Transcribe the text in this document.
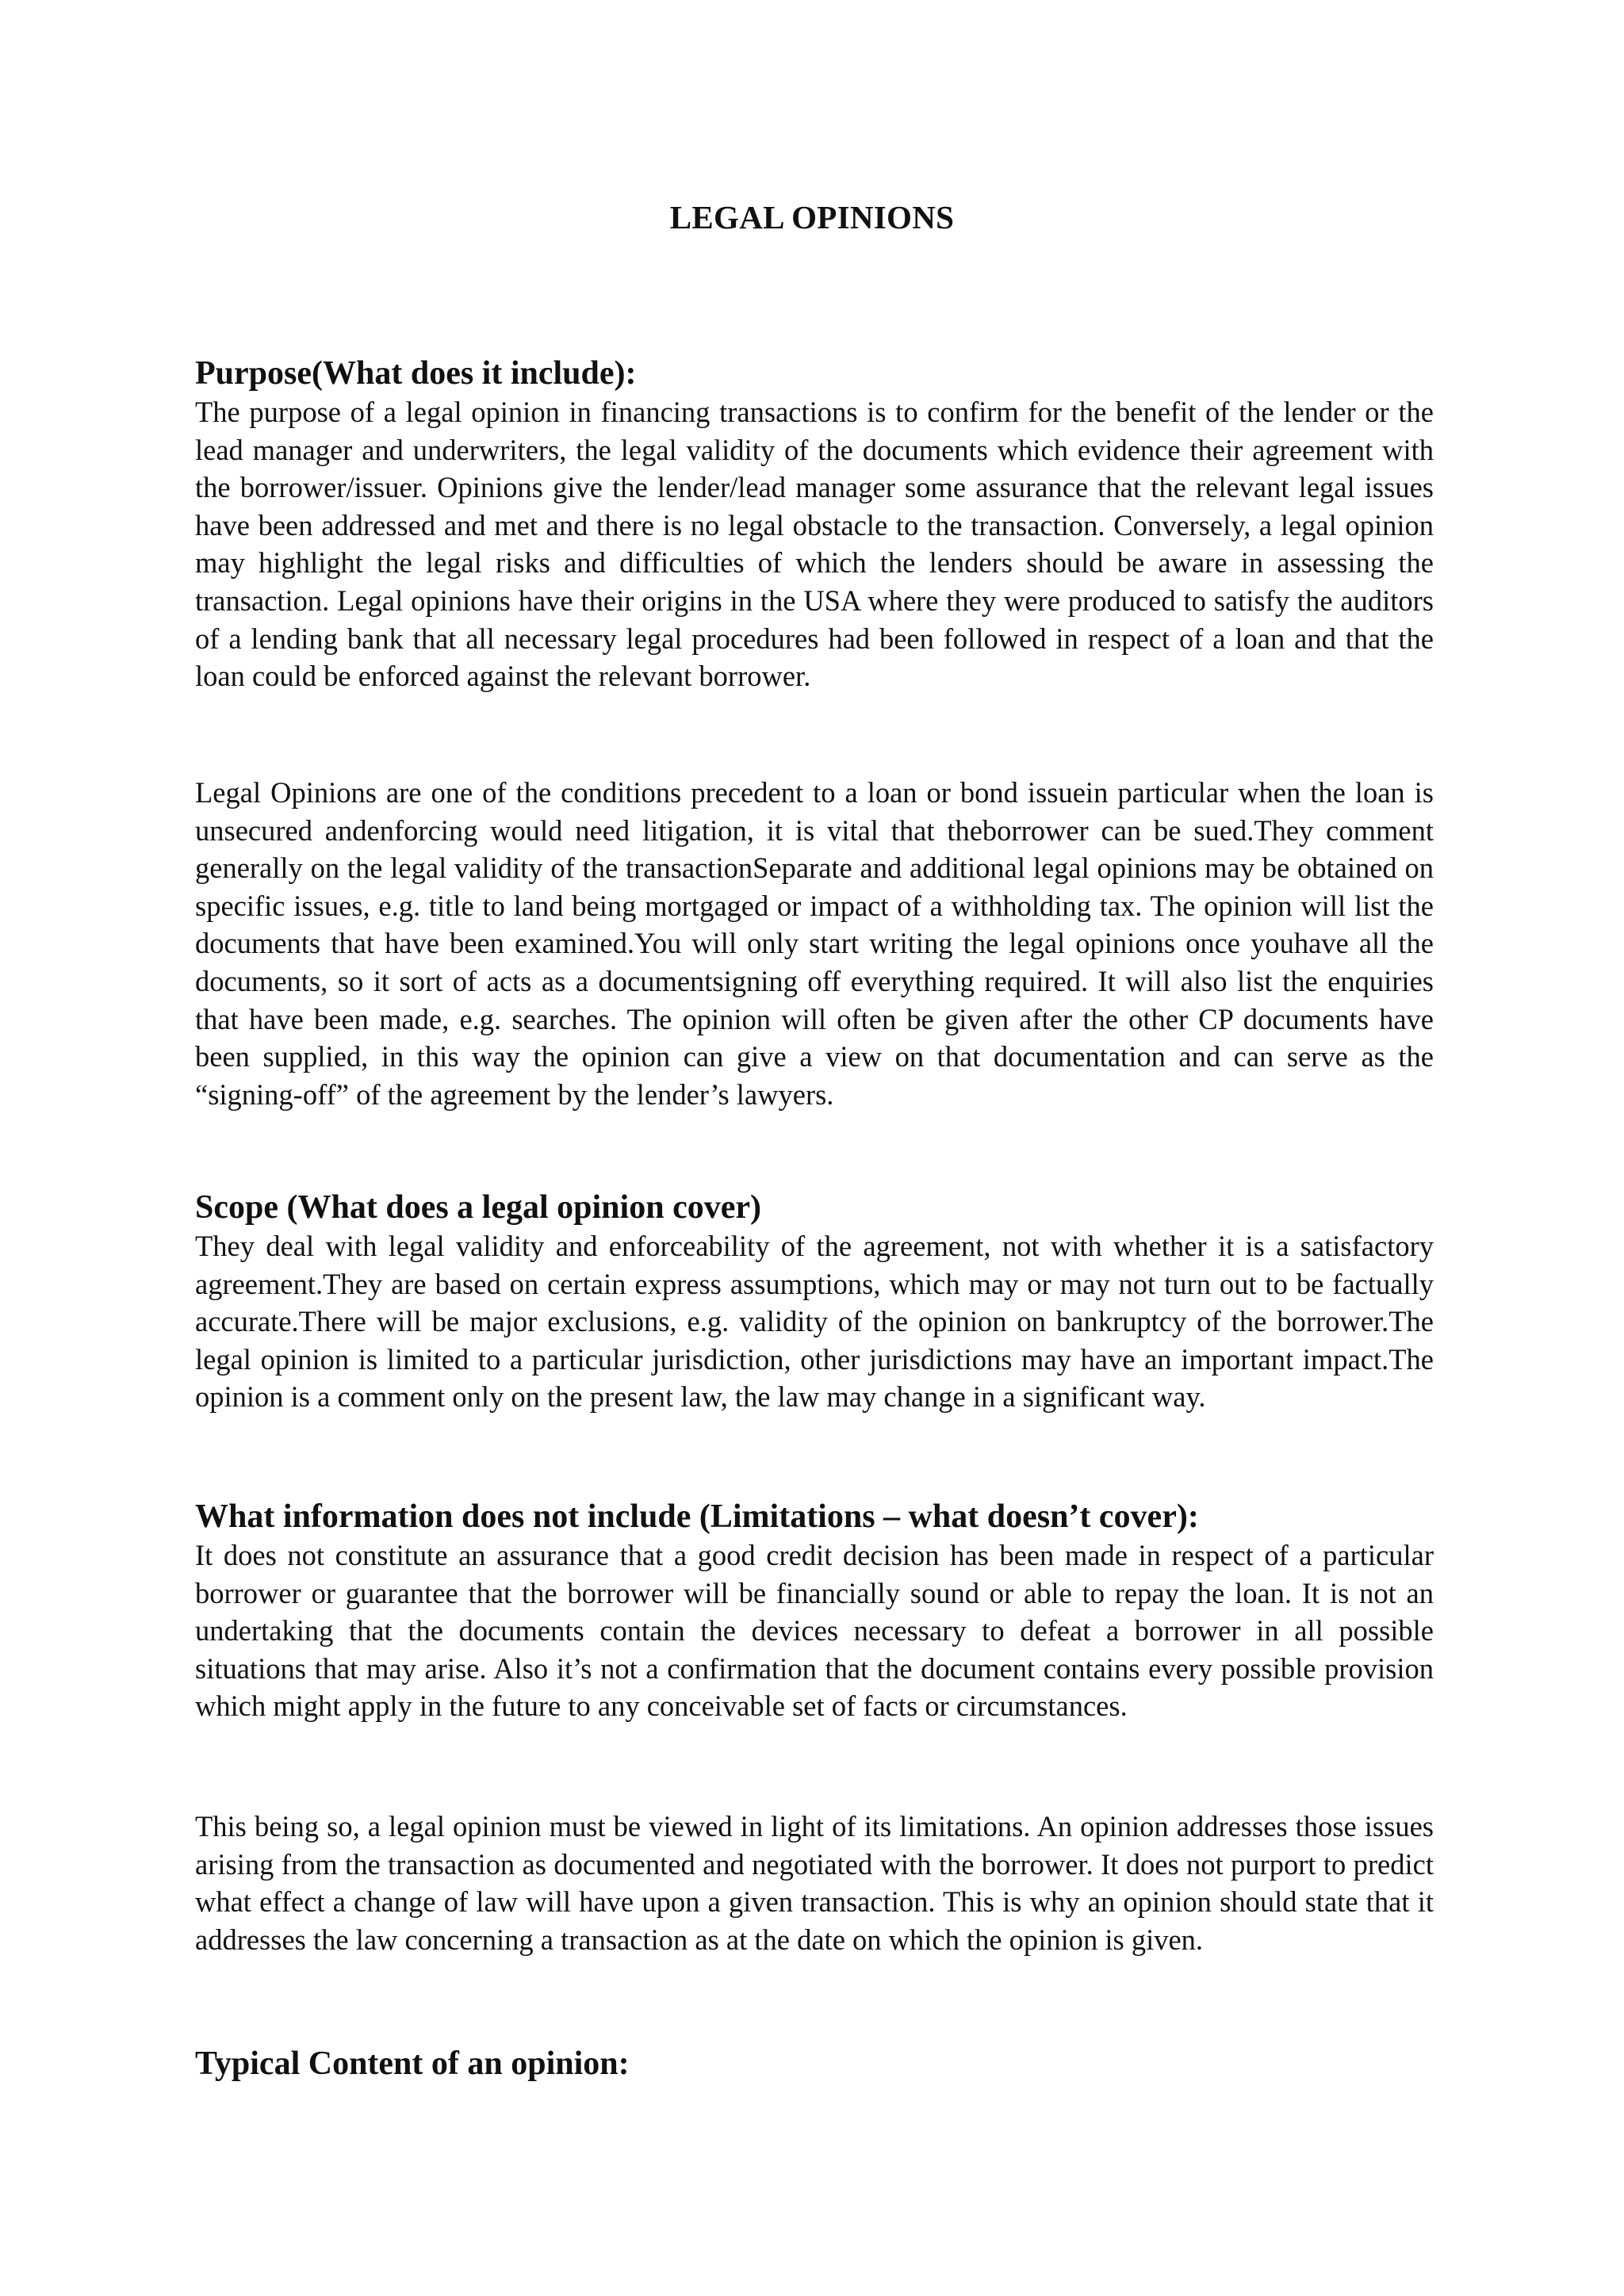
LEGAL OPINIONS
Purpose(What does it include):

The purpose of a legal opinion in financing transactions is to confirm for the benefit of the lender or the lead manager and underwriters, the legal validity of the documents which evidence their agreement with the borrower/issuer. Opinions give the lender/lead manager some assurance that the relevant legal issues have been addressed and met and there is no legal obstacle to the transaction. Conversely, a legal opinion may highlight the legal risks and difficulties of which the lenders should be aware in assessing the transaction. Legal opinions have their origins in the USA where they were produced to satisfy the auditors of a lending bank that all necessary legal procedures had been followed in respect of a loan and that the loan could be enforced against the relevant borrower.

Legal Opinions are one of the conditions precedent to a loan or bond issuein particular when the loan is unsecured andenforcing would need litigation, it is vital that theborrower can be sued.They comment generally on the legal validity of the transactionSeparate and additional legal opinions may be obtained on specific issues, e.g. title to land being mortgaged or impact of a withholding tax. The opinion will list the documents that have been examined.You will only start writing the legal opinions once youhave all the documents, so it sort of acts as a documentsigning off everything required. It will also list the enquiries that have been made, e.g. searches. The opinion will often be given after the other CP documents have been supplied, in this way the opinion can give a view on that documentation and can serve as the “signing-off” of the agreement by the lender’s lawyers.

Scope (What does a legal opinion cover)

They deal with legal validity and enforceability of the agreement, not with whether it is a satisfactory agreement.They are based on certain express assumptions, which may or may not turn out to be factually accurate.There will be major exclusions, e.g. validity of the opinion on bankruptcy of the borrower.The legal opinion is limited to a particular jurisdiction, other jurisdictions may have an important impact.The opinion is a comment only on the present law, the law may change in a significant way.

What information does not include (Limitations – what doesn’t cover):

It does not constitute an assurance that a good credit decision has been made in respect of a particular borrower or guarantee that the borrower will be financially sound or able to repay the loan. It is not an undertaking that the documents contain the devices necessary to defeat a borrower in all possible situations that may arise. Also it’s not a confirmation that the document contains every possible provision which might apply in the future to any conceivable set of facts or circumstances.

This being so, a legal opinion must be viewed in light of its limitations. An opinion addresses those issues arising from the transaction as documented and negotiated with the borrower. It does not purport to predict what effect a change of law will have upon a given transaction. This is why an opinion should state that it addresses the law concerning a transaction as at the date on which the opinion is given.

Typical Content of an opinion:
